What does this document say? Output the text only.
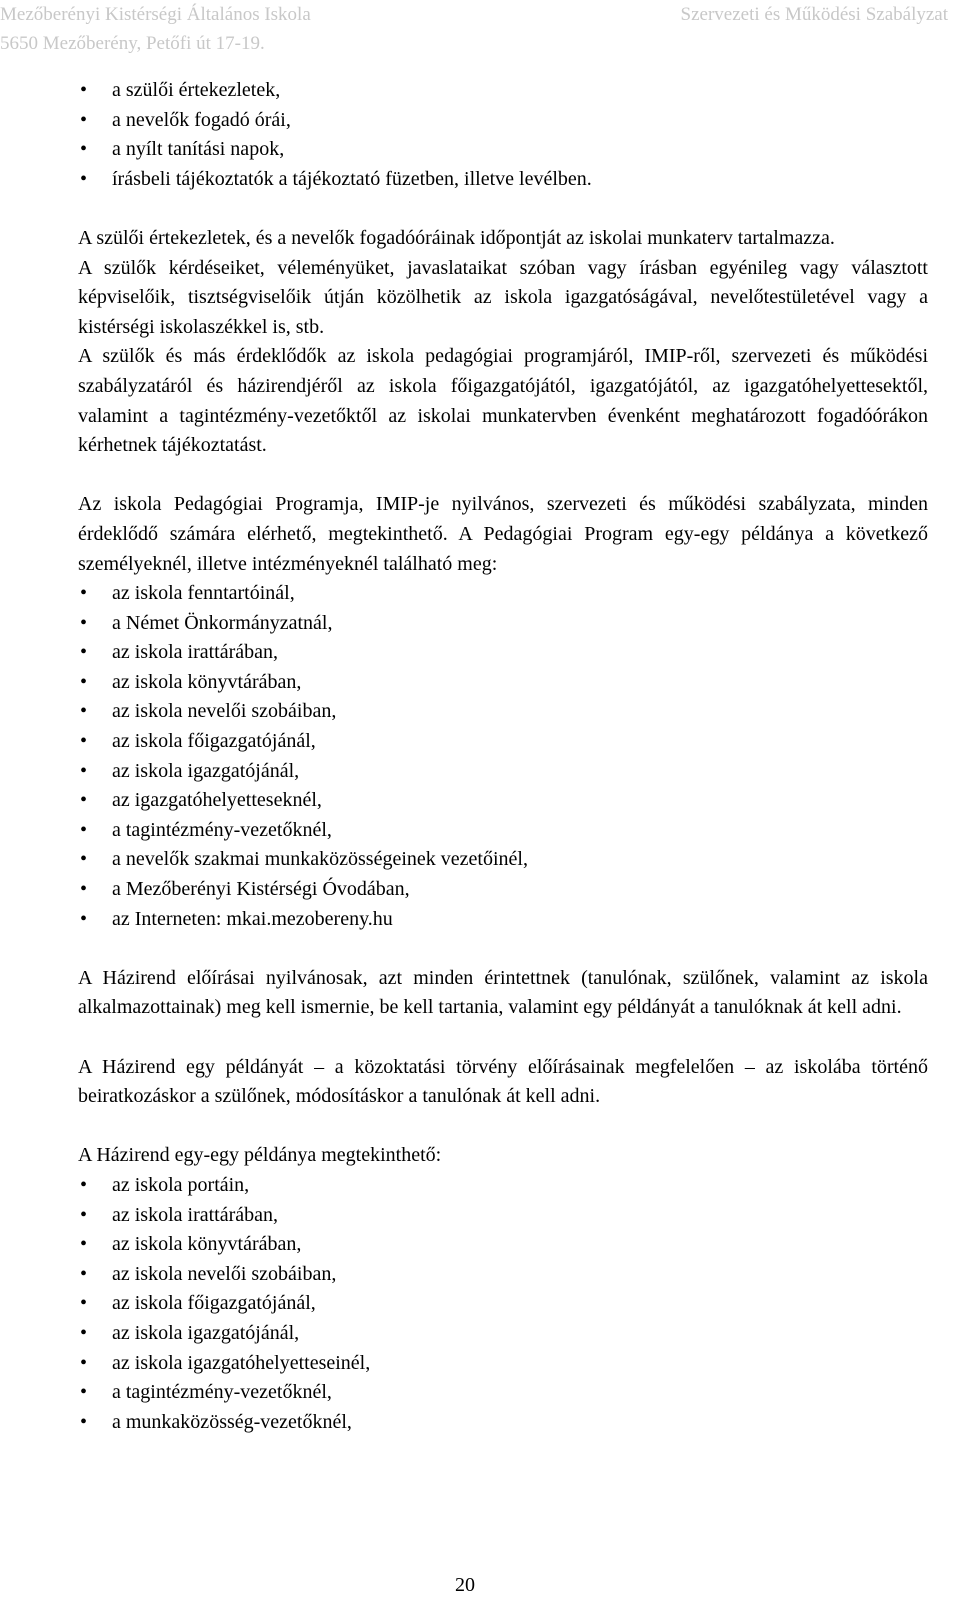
Mezőberényi Kistérségi Általános Iskola
5650 Mezőberény, Petőfi út 17-19.
Szervezeti és Működési Szabályzat
• a szülői értekezletek,
• a nevelők fogadó órái,
• a nyílt tanítási napok,
• írásbeli tájékoztatók a tájékoztató füzetben, illetve levélben.

A szülői értekezletek, és a nevelők fogadóóráinak időpontját az iskolai munkaterv tartalmazza.

A szülők kérdéseiket, véleményüket, javaslataikat szóban vagy írásban egyénileg vagy választott képviselőik, tisztségviselőik útján közölhetik az iskola igazgatóságával, nevelőtestületével vagy a kistérségi iskolaszékkel is, stb.

A szülők és más érdeklődők az iskola pedagógiai programjáról, IMIP-ről, szervezeti és működési szabályzatáról és házirendjéről az iskola főigazgatójától, igazgatójától, az igazgatóhelyettesektől, valamint a tagintézmény-vezetőktől az iskolai munkatervben évenként meghatározott fogadóórákon kérhetnek tájékoztatást.

Az iskola Pedagógiai Programja, IMIP-je nyilvános, szervezeti és működési szabályzata, minden érdeklődő számára elérhető, megtekinthető. A Pedagógiai Program egy-egy példánya a következő személyeknél, illetve intézményeknél található meg:

• az iskola fenntartóinál,
• a Német Önkormányzatnál,
• az iskola irattárában,
• az iskola könyvtárában,
• az iskola nevelői szobáiban,
• az iskola főigazgatójánál,
• az iskola igazgatójánál,
• az igazgatóhelyetteseknél,
• a tagintézmény-vezetőknél,
• a nevelők szakmai munkaközösségeinek vezetőinél,
• a Mezőberényi Kistérségi Óvodában,
• az Interneten: mkai.mezobereny.hu

A Házirend előírásai nyilvánosak, azt minden érintettnek (tanulónak, szülőnek, valamint az iskola alkalmazottainak) meg kell ismernie, be kell tartania, valamint egy példányát a tanulóknak át kell adni.

A Házirend egy példányát – a közoktatási törvény előírásainak megfelelően – az iskolába történő beiratkozáskor a szülőnek, módosításkor a tanulónak át kell adni.

A Házirend egy-egy példánya megtekinthető:

• az iskola portáin,
• az iskola irattárában,
• az iskola könyvtárában,
• az iskola nevelői szobáiban,
• az iskola főigazgatójánál,
• az iskola igazgatójánál,
• az iskola igazgatóhelyetteseinél,
• a tagintézmény-vezetőknél,
• a munkaközösség-vezetőknél,
20
